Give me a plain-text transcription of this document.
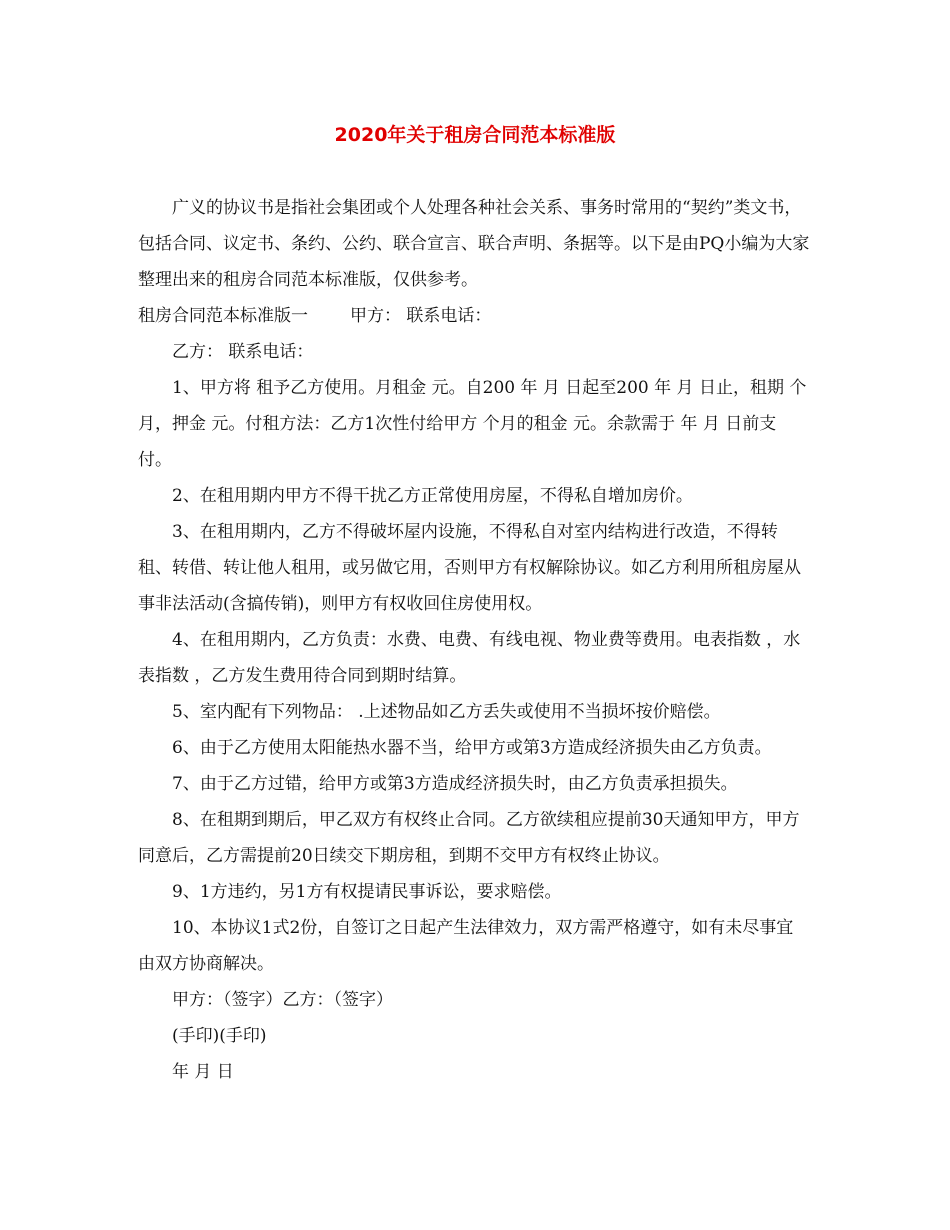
2020年关于租房合同范本标准版

广义的协议书是指社会集团或个人处理各种社会关系、事务时常用的“契约”类文书，包括合同、议定书、条约、公约、联合宣言、联合声明、条据等。以下是由PQ小编为大家整理出来的租房合同范本标准版，仅供参考。

租房合同范本标准版一 甲方： 联系电话：

乙方： 联系电话：

1、甲方将 租予乙方使用。月租金 元。自200 年 月 日起至200 年 月 日止，租期 个月，押金 元。付租方法：乙方1次性付给甲方 个月的租金 元。余款需于 年 月 日前支付。

2、在租用期内甲方不得干扰乙方正常使用房屋，不得私自增加房价。

3、在租用期内，乙方不得破坏屋内设施，不得私自对室内结构进行改造，不得转租、转借、转让他人租用，或另做它用，否则甲方有权解除协议。如乙方利用所租房屋从事非法活动(含搞传销)，则甲方有权收回住房使用权。

4、在租用期内，乙方负责：水费、电费、有线电视、物业费等费用。电表指数 ，水表指数 ，乙方发生费用待合同到期时结算。

5、室内配有下列物品： .上述物品如乙方丢失或使用不当损坏按价赔偿。

6、由于乙方使用太阳能热水器不当，给甲方或第3方造成经济损失由乙方负责。

7、由于乙方过错，给甲方或第3方造成经济损失时，由乙方负责承担损失。

8、在租期到期后，甲乙双方有权终止合同。乙方欲续租应提前30天通知甲方，甲方同意后，乙方需提前20日续交下期房租，到期不交甲方有权终止协议。

9、1方违约，另1方有权提请民事诉讼，要求赔偿。

10、本协议1式2份，自签订之日起产生法律效力，双方需严格遵守，如有未尽事宜由双方协商解决。

甲方：（签字）乙方：（签字）

(手印)(手印)

年 月 日
